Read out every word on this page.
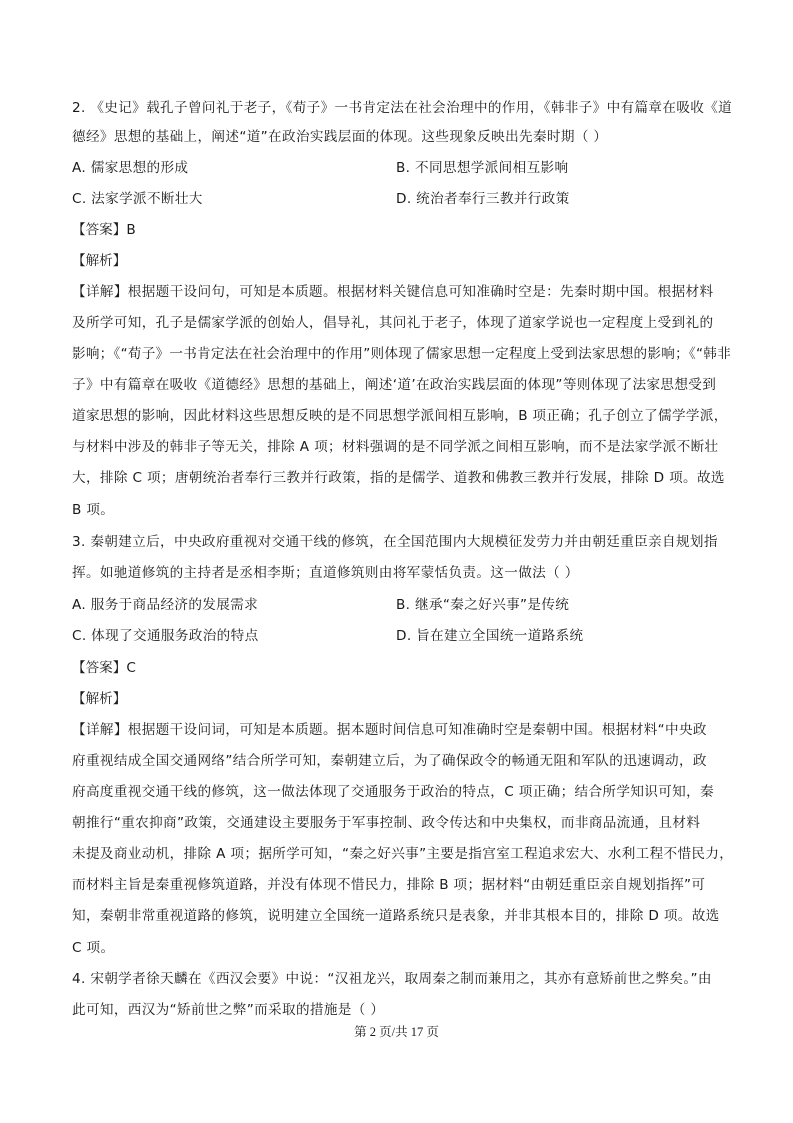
2. 《史记》载孔子曾问礼于老子，《荀子》一书肯定法在社会治理中的作用，《韩非子》中有篇章在吸收《道
德经》思想的基础上，阐述“道”在政治实践层面的体现。这些现象反映出先秦时期（ ）
A. 儒家思想的形成	B. 不同思想学派间相互影响
C. 法家学派不断壮大	D. 统治者奉行三教并行政策
【答案】B
【解析】
【详解】根据题干设问句，可知是本质题。根据材料关键信息可知准确时空是：先秦时期中国。根据材料
及所学可知，孔子是儒家学派的创始人，倡导礼，其问礼于老子，体现了道家学说也一定程度上受到礼的
影响；《“荀子》一书肯定法在社会治理中的作用”则体现了儒家思想一定程度上受到法家思想的影响；《“韩非
子》中有篇章在吸收《道德经》思想的基础上，阐述‘道’在政治实践层面的体现”等则体现了法家思想受到
道家思想的影响，因此材料这些思想反映的是不同思想学派间相互影响，B 项正确；孔子创立了儒学学派，
与材料中涉及的韩非子等无关，排除 A 项；材料强调的是不同学派之间相互影响，而不是法家学派不断壮
大，排除 C 项；唐朝统治者奉行三教并行政策，指的是儒学、道教和佛教三教并行发展，排除 D 项。故选
B 项。
3. 秦朝建立后，中央政府重视对交通干线的修筑，在全国范围内大规模征发劳力并由朝廷重臣亲自规划指
挥。如驰道修筑的主持者是丞相李斯；直道修筑则由将军蒙恬负责。这一做法（ ）
A. 服务于商品经济的发展需求	B. 继承“秦之好兴事”是传统
C. 体现了交通服务政治的特点	D. 旨在建立全国统一道路系统
【答案】C
【解析】
【详解】根据题干设问词，可知是本质题。据本题时间信息可知准确时空是秦朝中国。根据材料“中央政
府重视结成全国交通网络”结合所学可知，秦朝建立后，为了确保政令的畅通无阻和军队的迅速调动，政
府高度重视交通干线的修筑，这一做法体现了交通服务于政治的特点，C 项正确；结合所学知识可知，秦
朝推行“重农抑商”政策，交通建设主要服务于军事控制、政令传达和中央集权，而非商品流通，且材料
未提及商业动机，排除 A 项；据所学可知，“秦之好兴事”主要是指宫室工程追求宏大、水利工程不惜民力，
而材料主旨是秦重视修筑道路，并没有体现不惜民力，排除 B 项；据材料“由朝廷重臣亲自规划指挥”可
知，秦朝非常重视道路的修筑，说明建立全国统一道路系统只是表象，并非其根本目的，排除 D 项。故选
C 项。
4. 宋朝学者徐天麟在《西汉会要》中说：“汉祖龙兴，取周秦之制而兼用之，其亦有意矫前世之弊矣。”由
此可知，西汉为“矫前世之弊”而采取的措施是（ ）
第 2 页/共 17 页
